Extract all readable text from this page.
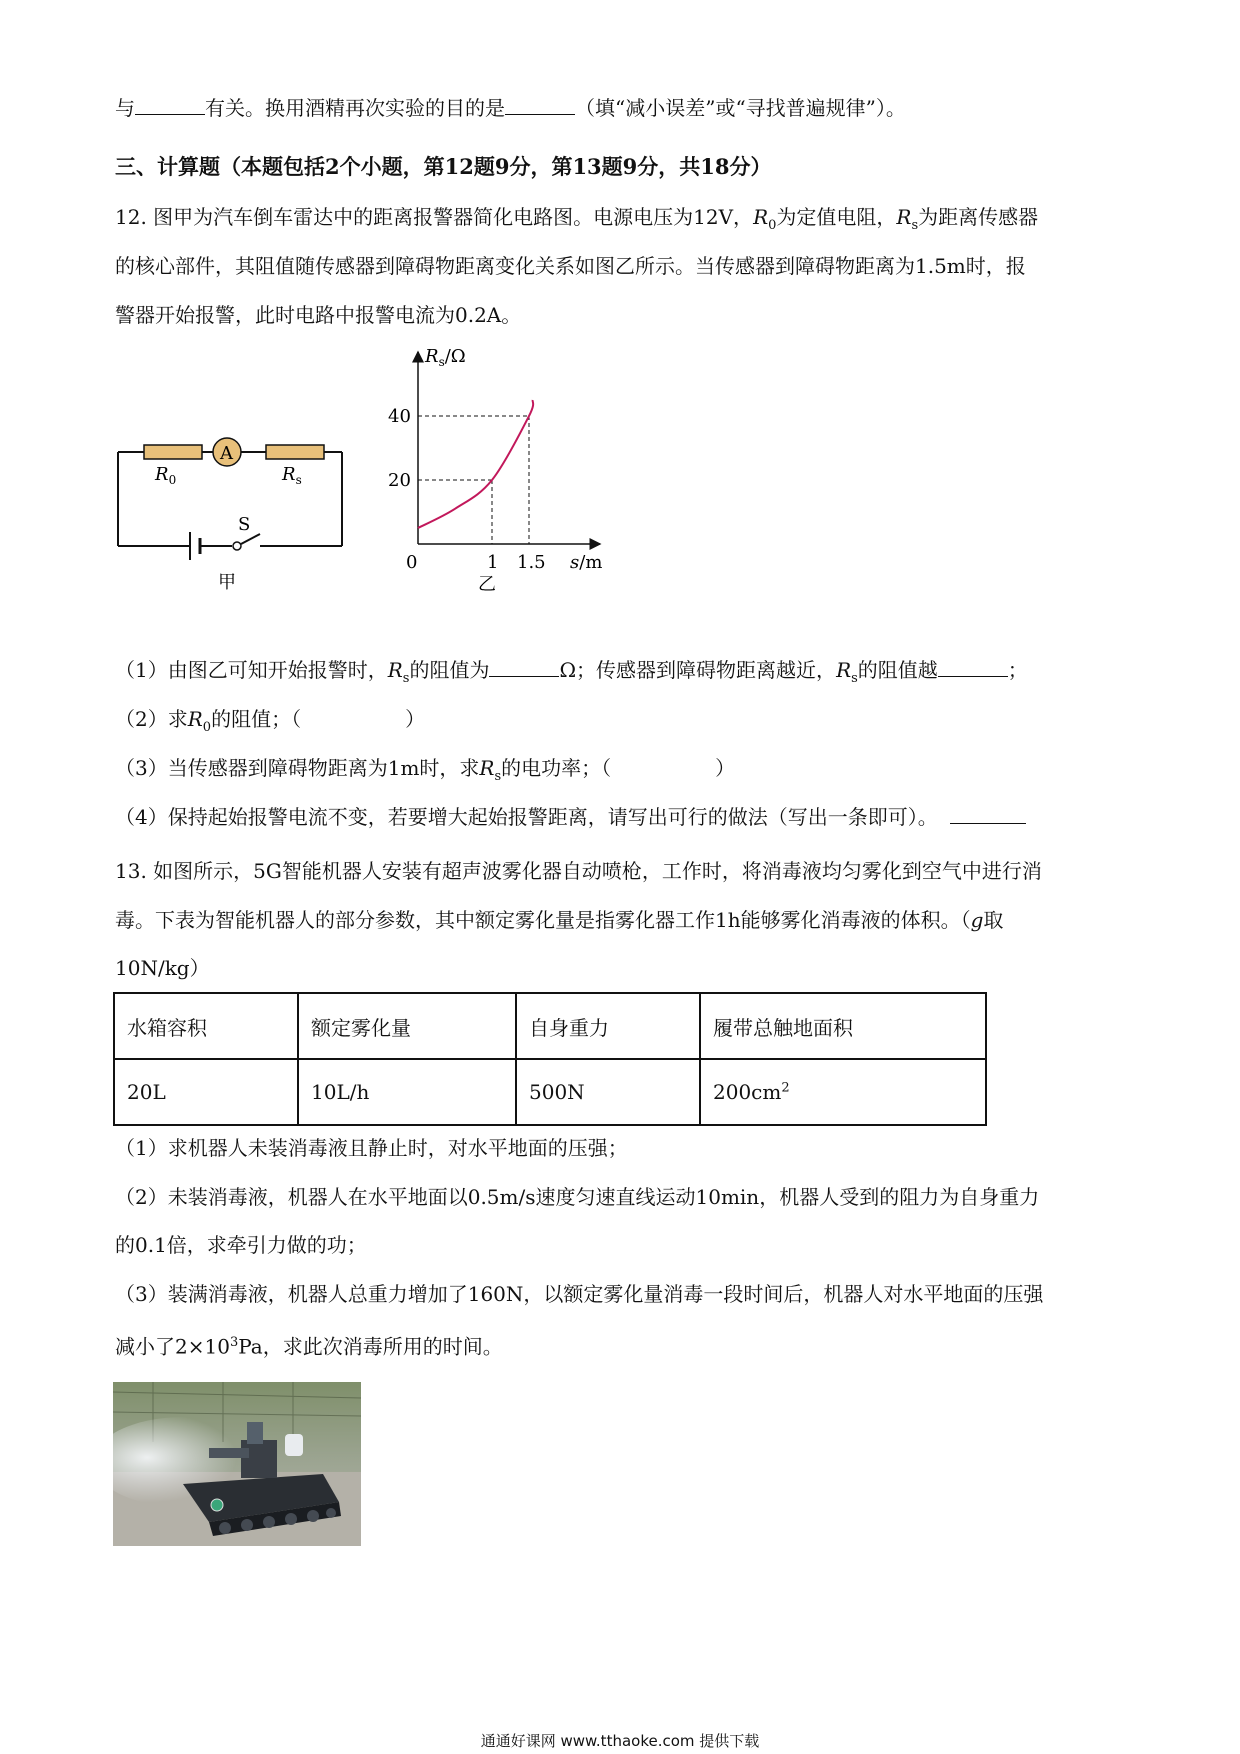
与	有关。换用酒精再次实验的目的是	（填“减小误差”或“寻找普遍规律”）。
三、计算题（本题包括2个小题，第12题9分，第13题9分，共18分）
12. 图甲为汽车倒车雷达中的距离报警器简化电路图。电源电压为12V，$R_0$为定值电阻，$R_s$为距离传感器
的核心部件，其阻值随传感器到障碍物距离变化关系如图乙所示。当传感器到障碍物距离为1.5m时，报
警器开始报警，此时电路中报警电流为0.2A。
$R_0$
A
$R_s$
S
甲
$R_s/\Omega$
40
20
0	1 1.5 s/m
乙
（1）由图乙可知开始报警时，$R_s$的阻值为	Ω；传感器到障碍物距离越近，$R_s$的阻值越	；
（2）求$R_0$的阻值；（	）
（3）当传感器到障碍物距离为1m时，求$R_s$的电功率；（	）
（4）保持起始报警电流不变，若要增大起始报警距离，请写出可行的做法（写出一条即可）。
13. 如图所示，5G智能机器人安装有超声波雾化器自动喷枪，工作时，将消毒液均匀雾化到空气中进行消
毒。下表为智能机器人的部分参数，其中额定雾化量是指雾化器工作1h能够雾化消毒液的体积。（g取
10N/kg）
水箱容积	额定雾化量	自身重力	履带总触地面积
20L	10L/h	500N	$200cm^2$
（1）求机器人未装消毒液且静止时，对水平地面的压强；
（2）未装消毒液，机器人在水平地面以0.5m/s速度匀速直线运动10min，机器人受到的阻力为自身重力
的0.1倍，求牵引力做的功；
（3）装满消毒液，机器人总重力增加了160N，以额定雾化量消毒一段时间后，机器人对水平地面的压强
减小了$2\times 10^3Pa$，求此次消毒所用的时间。
通通好课网 www.tthaoke.com 提供下载
